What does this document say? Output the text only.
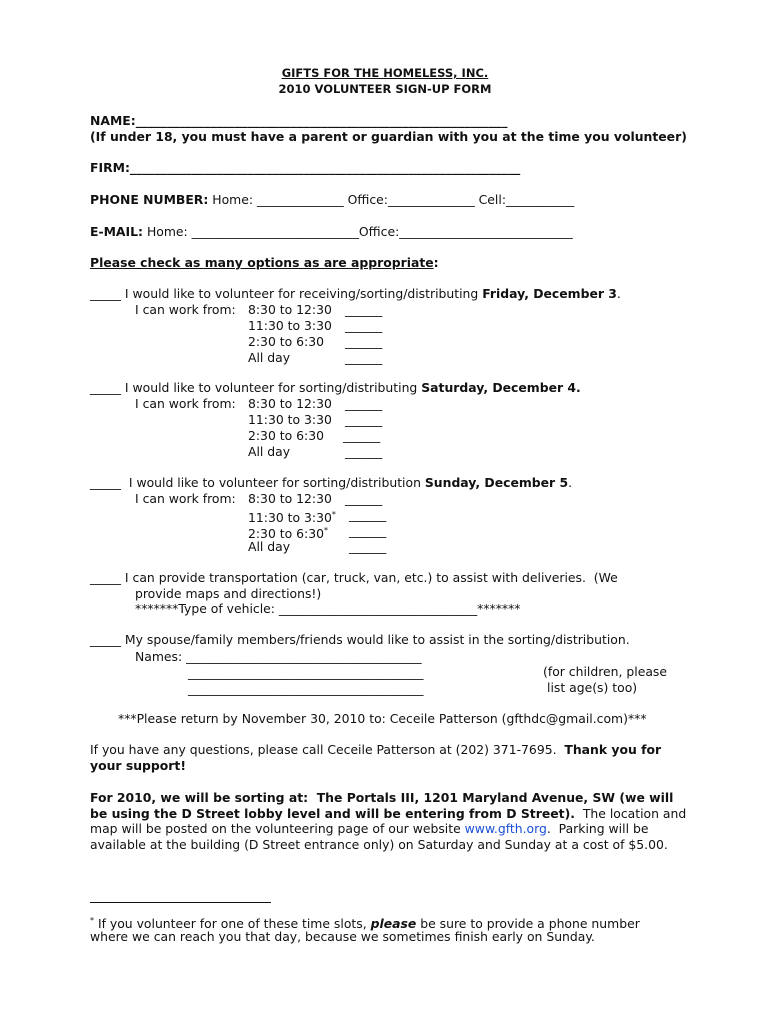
GIFTS FOR THE HOMELESS, INC.
2010 VOLUNTEER SIGN-UP FORM
NAME:____________________________________________________________
(If under 18, you must have a parent or guardian with you at the time you volunteer)
FIRM:_______________________________________________________________
PHONE NUMBER: Home: ______________ Office:______________ Cell:___________
E-MAIL: Home: ___________________________Office:____________________________
Please check as many options as are appropriate:
_____ I would like to volunteer for receiving/sorting/distributing Friday, December 3.
I can work from: 8:30 to 12:30 ______
11:30 to 3:30 ______
2:30 to 6:30 ______
All day	______
_____ I would like to volunteer for sorting/distributing Saturday, December 4.
I can work from: 8:30 to 12:30 ______
11:30 to 3:30 ______
2:30 to 6:30 ______
All day	______
_____  I would like to volunteer for sorting/distribution Sunday, December 5.
I can work from: 8:30 to 12:30 ______
11:30 to 3:30* ______
2:30 to 6:30* ______
All day	______
_____ I can provide transportation (car, truck, van, etc.) to assist with deliveries.  (We
provide maps and directions!)
*******Type of vehicle: ________________________________*******
_____ My spouse/family members/friends would like to assist in the sorting/distribution.
Names: ______________________________________
______________________________________
______________________________________
(for children, please
list age(s) too)
***Please return by November 30, 2010 to: Ceceile Patterson (gfthdc@gmail.com)***
If you have any questions, please call Ceceile Patterson at (202) 371-7695.  Thank you for
your support!
For 2010, we will be sorting at:  The Portals III, 1201 Maryland Avenue, SW (we will
be using the D Street lobby level and will be entering from D Street).  The location and
map will be posted on the volunteering page of our website www.gfth.org.  Parking will be
available at the building (D Street entrance only) on Saturday and Sunday at a cost of $5.00.
* If you volunteer for one of these time slots, please be sure to provide a phone number
where we can reach you that day, because we sometimes finish early on Sunday.
